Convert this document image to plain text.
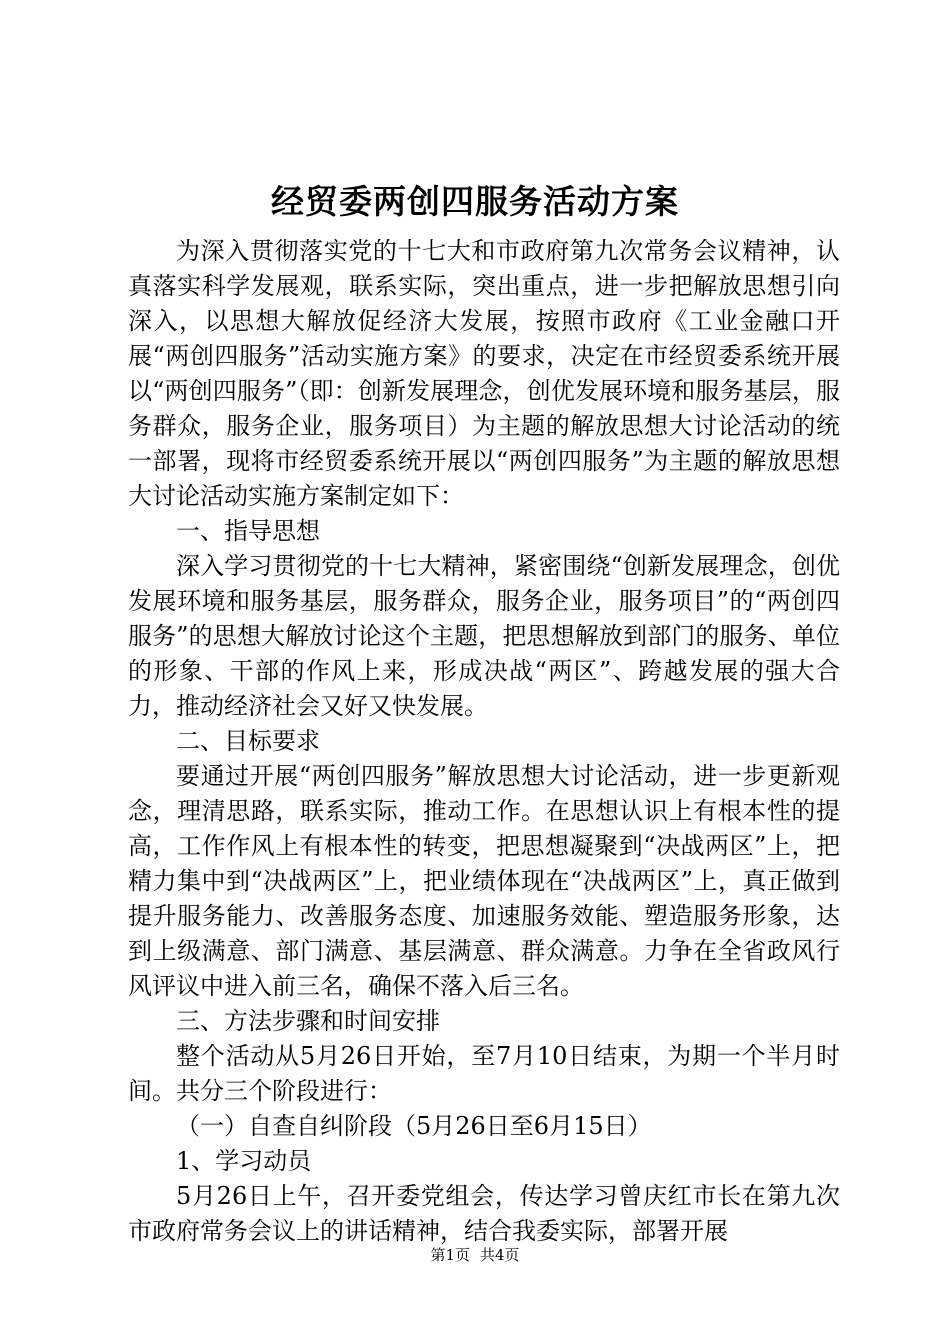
经贸委两创四服务活动方案

为深入贯彻落实党的十七大和市政府第九次常务会议精神，认真落实科学发展观，联系实际，突出重点，进一步把解放思想引向深入，以思想大解放促经济大发展，按照市政府《工业金融口开展“两创四服务”活动实施方案》的要求，决定在市经贸委系统开展以“两创四服务”（即：创新发展理念，创优发展环境和服务基层，服务群众，服务企业，服务项目）为主题的解放思想大讨论活动的统一部署，现将市经贸委系统开展以“两创四服务”为主题的解放思想大讨论活动实施方案制定如下：

一、指导思想

深入学习贯彻党的十七大精神，紧密围绕“创新发展理念，创优发展环境和服务基层，服务群众，服务企业，服务项目”的“两创四服务”的思想大解放讨论这个主题，把思想解放到部门的服务、单位的形象、干部的作风上来，形成决战“两区”、跨越发展的强大合力，推动经济社会又好又快发展。

二、目标要求

要通过开展“两创四服务”解放思想大讨论活动，进一步更新观念，理清思路，联系实际，推动工作。在思想认识上有根本性的提高，工作作风上有根本性的转变，把思想凝聚到“决战两区”上，把精力集中到“决战两区”上，把业绩体现在“决战两区”上，真正做到提升服务能力、改善服务态度、加速服务效能、塑造服务形象，达到上级满意、部门满意、基层满意、群众满意。力争在全省政风行风评议中进入前三名，确保不落入后三名。

三、方法步骤和时间安排

整个活动从5月26日开始，至7月10日结束，为期一个半月时间。共分三个阶段进行：

（一）自查自纠阶段（5月26日至6月15日）

1、学习动员

5月26日上午，召开委党组会，传达学习曾庆红市长在第九次市政府常务会议上的讲话精神，结合我委实际，部署开展

第1页 共4页
